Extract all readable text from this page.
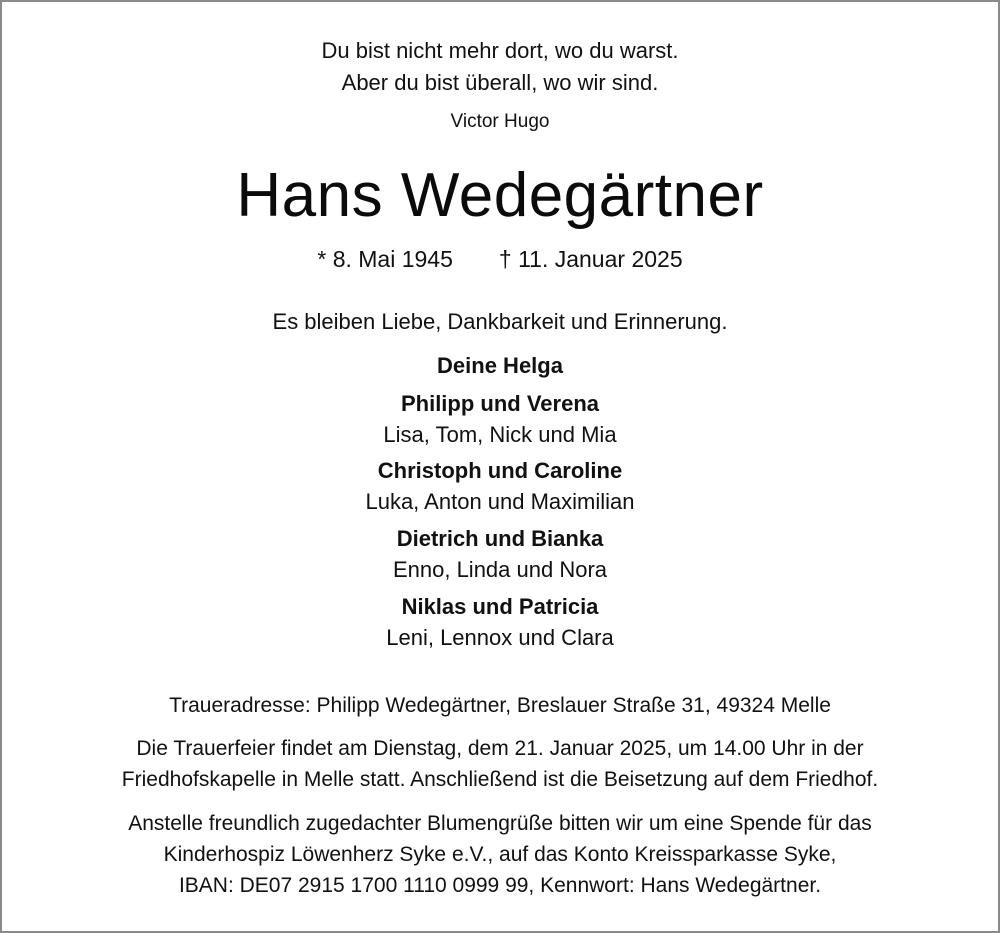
Du bist nicht mehr dort, wo du warst.
Aber du bist überall, wo wir sind.
Victor Hugo
Hans Wedegärtner
* 8. Mai 1945 † 11. Januar 2025
Es bleiben Liebe, Dankbarkeit und Erinnerung.
Deine Helga
Philipp und Verena
Lisa, Tom, Nick und Mia
Christoph und Caroline
Luka, Anton und Maximilian
Dietrich und Bianka
Enno, Linda und Nora
Niklas und Patricia
Leni, Lennox und Clara
Traueradresse: Philipp Wedegärtner, Breslauer Straße 31, 49324 Melle
Die Trauerfeier findet am Dienstag, dem 21. Januar 2025, um 14.00 Uhr in der
Friedhofskapelle in Melle statt. Anschließend ist die Beisetzung auf dem Friedhof.
Anstelle freundlich zugedachter Blumengrüße bitten wir um eine Spende für das
Kinderhospiz Löwenherz Syke e.V., auf das Konto Kreissparkasse Syke,
IBAN: DE07 2915 1700 1110 0999 99, Kennwort: Hans Wedegärtner.
